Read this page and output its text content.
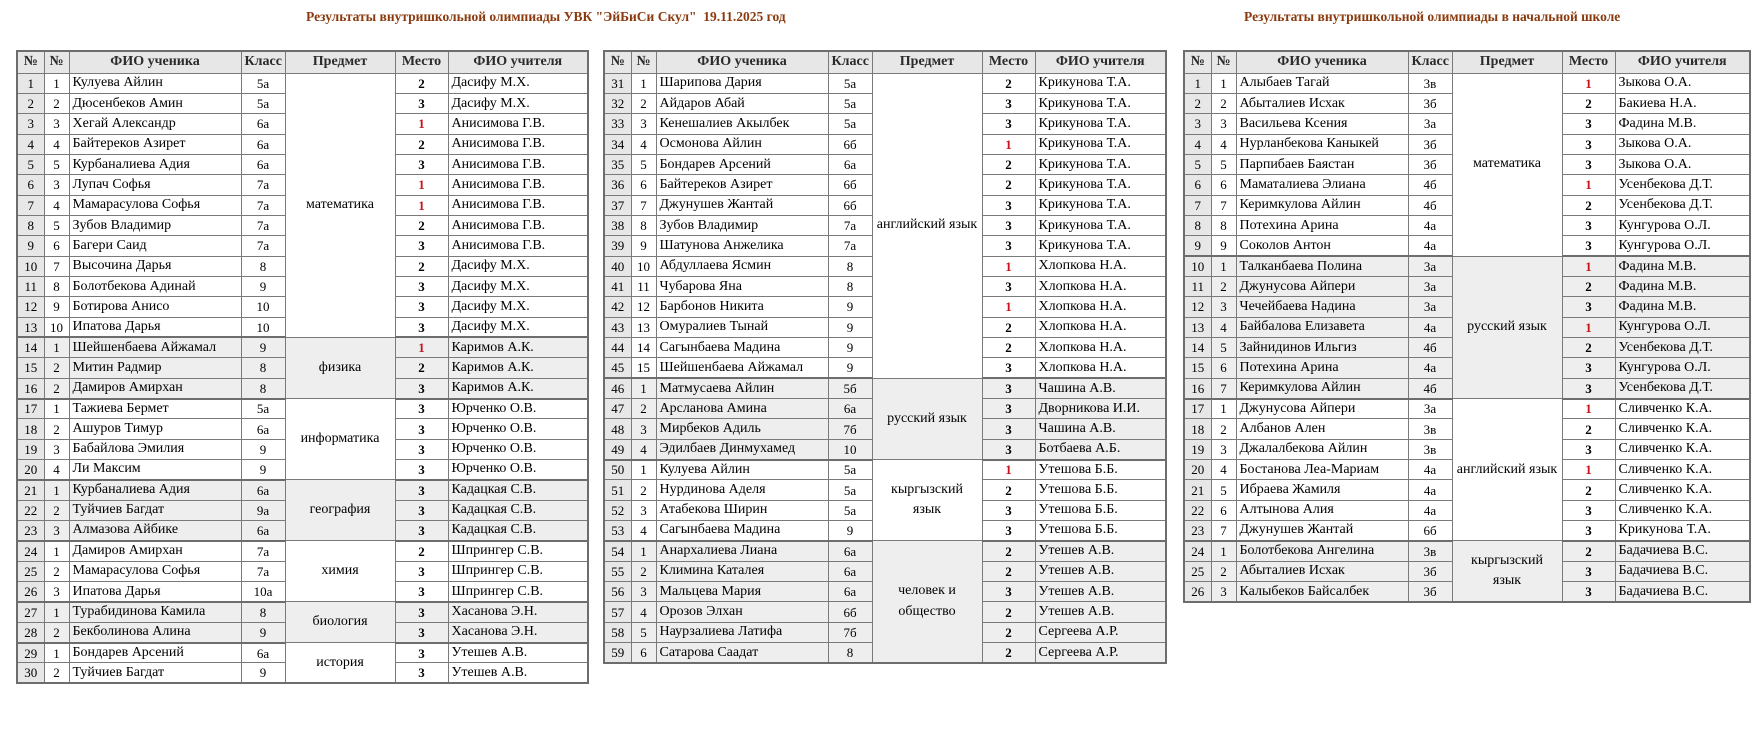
Результаты внутришкольной олимпиады УВК "ЭйБиСи Скул"  19.11.2025 год	Результаты внутришкольной олимпиады в начальной школе
№	№	ФИО ученика	Класс	Предмет	Место	ФИО учителя
1	1	Кулуева Айлин	5а	математика	2	Дасифу М.Х.
2	2	Дюсенбеков Амин	5а		3	Дасифу М.Х.
3	3	Хегай Александр	6а		1	Анисимова Г.В.
4	4	Байтереков Азирет	6а		2	Анисимова Г.В.
5	5	Курбаналиева Адия	6а		3	Анисимова Г.В.
6	3	Лупач Софья	7а		1	Анисимова Г.В.
7	4	Мамарасулова Софья	7а		1	Анисимова Г.В.
8	5	Зубов Владимир	7а		2	Анисимова Г.В.
9	6	Багери Саид	7а		3	Анисимова Г.В.
10	7	Высочина Дарья	8		2	Дасифу М.Х.
11	8	Болотбекова Адинай	9		3	Дасифу М.Х.
12	9	Ботирова Анисо	10		3	Дасифу М.Х.
13	10	Ипатова Дарья	10		3	Дасифу М.Х.
14	1	Шейшенбаева Айжамал	9	физика	1	Каримов А.К.
15	2	Митин Радмир	8		2	Каримов А.К.
16	2	Дамиров Амирхан	8		3	Каримов А.К.
17	1	Тажиева Бермет	5а	информатика	3	Юрченко О.В.
18	2	Ашуров Тимур	6а		3	Юрченко О.В.
19	3	Бабайлова Эмилия	9		3	Юрченко О.В.
20	4	Ли Максим	9		3	Юрченко О.В.
21	1	Курбаналиева Адия	6а	география	3	Кадацкая С.В.
22	2	Туйчиев Багдат	9а		3	Кадацкая С.В.
23	3	Алмазова Айбике	6а		3	Кадацкая С.В.
24	1	Дамиров Амирхан	7а	химия	2	Шпрингер С.В.
25	2	Мамарасулова Софья	7а		3	Шпрингер С.В.
26	3	Ипатова Дарья	10а		3	Шпрингер С.В.
27	1	Турабидинова Камила	8	биология	3	Хасанова Э.Н.
28	2	Бекболинова Алина	9		3	Хасанова Э.Н.
29	1	Бондарев Арсений	6а	история	3	Утешев А.В.
30	2	Туйчиев Багдат	9		3	Утешев А.В.
№	№	ФИО ученика	Класс	Предмет	Место	ФИО учителя
31	1	Шарипова Дария	5а	английский язык	2	Крикунова Т.А.
32	2	Айдаров Абай	5а		3	Крикунова Т.А.
33	3	Кенешалиев Акылбек	5а		3	Крикунова Т.А.
34	4	Осмонова Айлин	6б		1	Крикунова Т.А.
35	5	Бондарев Арсений	6а		2	Крикунова Т.А.
36	6	Байтереков Азирет	6б		2	Крикунова Т.А.
37	7	Джунушев Жантай	6б		3	Крикунова Т.А.
38	8	Зубов Владимир	7а		3	Крикунова Т.А.
39	9	Шатунова Анжелика	7а		3	Крикунова Т.А.
40	10	Абдуллаева Ясмин	8		1	Хлопкова Н.А.
41	11	Чубарова Яна	8		3	Хлопкова Н.А.
42	12	Барбонов Никита	9		1	Хлопкова Н.А.
43	13	Омуралиев Тынай	9		2	Хлопкова Н.А.
44	14	Сагынбаева Мадина	9		2	Хлопкова Н.А.
45	15	Шейшенбаева Айжамал	9		3	Хлопкова Н.А.
46	1	Матмусаева Айлин	5б	русский язык	3	Чашина А.В.
47	2	Арсланова Амина	6а		3	Дворникова И.И.
48	3	Мирбеков Адиль	7б		3	Чашина А.В.
49	4	Эдилбаев Динмухамед	10		3	Ботбаева А.Б.
50	1	Кулуева Айлин	5а	кыргызский язык	1	Утешова Б.Б.
51	2	Нурдинова Аделя	5а		2	Утешова Б.Б.
52	3	Атабекова Ширин	5а		3	Утешова Б.Б.
53	4	Сагынбаева Мадина	9		3	Утешова Б.Б.
54	1	Анархалиева Лиана	6а	человек и общество	2	Утешев А.В.
55	2	Климина Каталея	6а		2	Утешев А.В.
56	3	Мальцева Мария	6а		3	Утешев А.В.
57	4	Орозов Элхан	6б		2	Утешев А.В.
58	5	Наурзалиева Латифа	7б		2	Сергеева А.Р.
59	6	Сатарова Саадат	8		2	Сергеева А.Р.
№	№	ФИО ученика	Класс	Предмет	Место	ФИО учителя
1	1	Алыбаев Тагай	3в	математика	1	Зыкова О.А.
2	2	Абыталиев Исхак	3б		2	Бакиева Н.А.
3	3	Васильева Ксения	3а		3	Фадина М.В.
4	4	Нурланбекова Каныкей	3б		3	Зыкова О.А.
5	5	Парпибаев Баястан	3б		3	Зыкова О.А.
6	6	Маматалиева Элиана	4б		1	Усенбекова Д.Т.
7	7	Керимкулова Айлин	4б		2	Усенбекова Д.Т.
8	8	Потехина Арина	4а		3	Кунгурова О.Л.
9	9	Соколов Антон	4а		3	Кунгурова О.Л.
10	1	Талканбаева Полина	3а	русский язык	1	Фадина М.В.
11	2	Джунусова Айпери	3а		2	Фадина М.В.
12	3	Чечейбаева Надина	3а		3	Фадина М.В.
13	4	Байбалова Елизавета	4а		1	Кунгурова О.Л.
14	5	Зайнидинов Ильгиз	4б		2	Усенбекова Д.Т.
15	6	Потехина Арина	4а		3	Кунгурова О.Л.
16	7	Керимкулова Айлин	4б		3	Усенбекова Д.Т.
17	1	Джунусова Айпери	3а	английский язык	1	Сливченко К.А.
18	2	Албанов Ален	3в		2	Сливченко К.А.
19	3	Джалалбекова Айлин	3в		3	Сливченко К.А.
20	4	Бостанова Леа-Мариам	4а		1	Сливченко К.А.
21	5	Ибраева Жамиля	4а		2	Сливченко К.А.
22	6	Алтынова Алия	4а		3	Сливченко К.А.
23	7	Джунушев Жантай	6б		3	Крикунова Т.А.
24	1	Болотбекова Ангелина	3в	кыргызский язык	2	Бадачиева В.С.
25	2	Абыталиев Исхак	3б		3	Бадачиева В.С.
26	3	Калыбеков Байсалбек	3б		3	Бадачиева В.С.
